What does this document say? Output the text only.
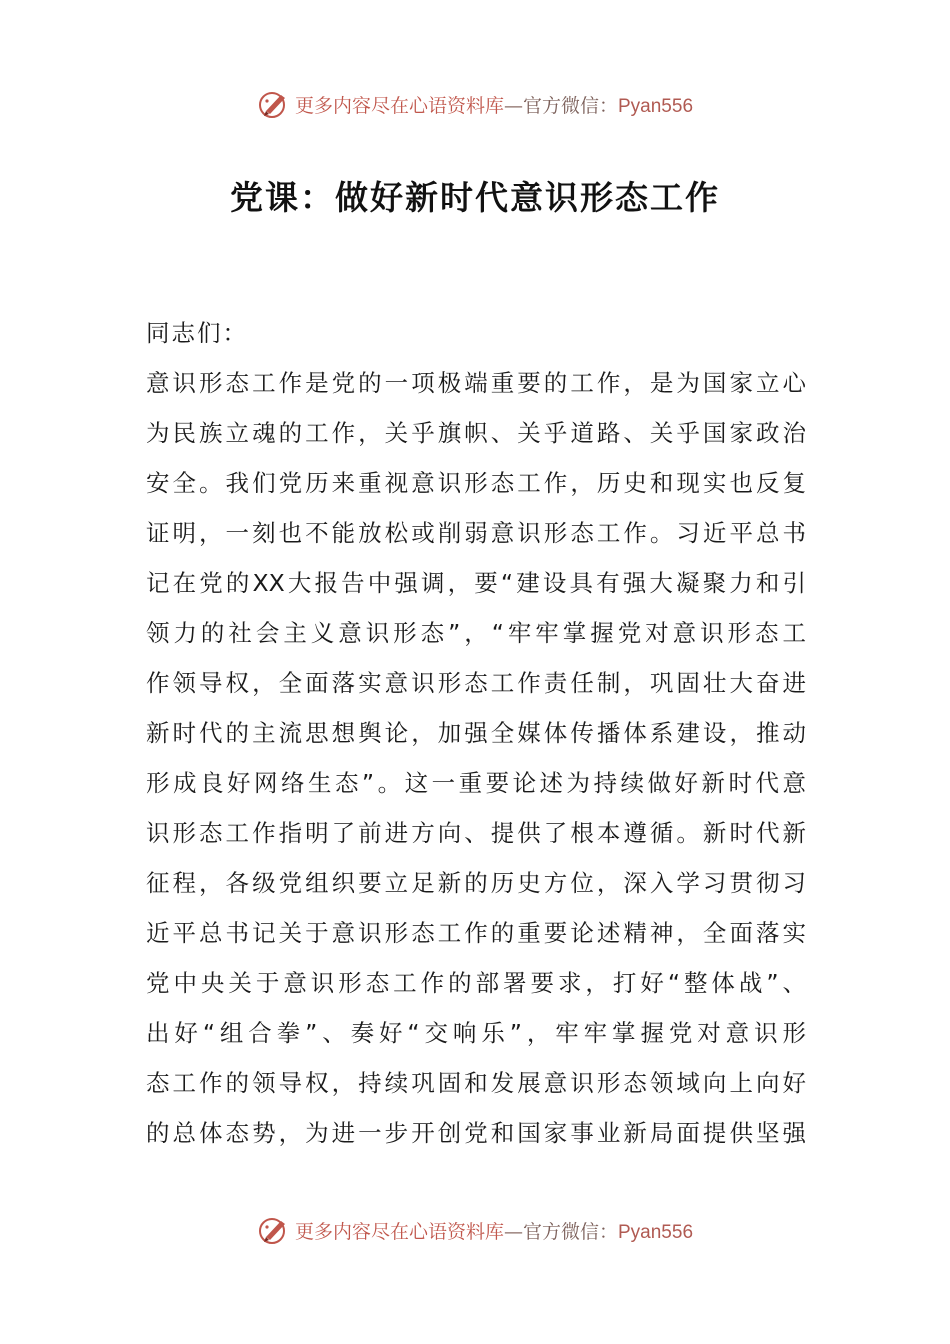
更多内容尽在心语资料库—官方微信：Pyan556
党课：做好新时代意识形态工作
同志们：
意识形态工作是党的一项极端重要的工作，是为国家立心
为民族立魂的工作，关乎旗帜、关乎道路、关乎国家政治
安全。我们党历来重视意识形态工作，历史和现实也反复
证明，一刻也不能放松或削弱意识形态工作。习近平总书
记在党的XX大报告中强调，要“建设具有强大凝聚力和引
领力的社会主义意识形态”，“牢牢掌握党对意识形态工
作领导权，全面落实意识形态工作责任制，巩固壮大奋进
新时代的主流思想舆论，加强全媒体传播体系建设，推动
形成良好网络生态”。这一重要论述为持续做好新时代意
识形态工作指明了前进方向、提供了根本遵循。新时代新
征程，各级党组织要立足新的历史方位，深入学习贯彻习
近平总书记关于意识形态工作的重要论述精神，全面落实
党中央关于意识形态工作的部署要求，打好“整体战”、
出好“组合拳”、奏好“交响乐”，牢牢掌握党对意识形
态工作的领导权，持续巩固和发展意识形态领域向上向好
的总体态势，为进一步开创党和国家事业新局面提供坚强
更多内容尽在心语资料库—官方微信：Pyan556
